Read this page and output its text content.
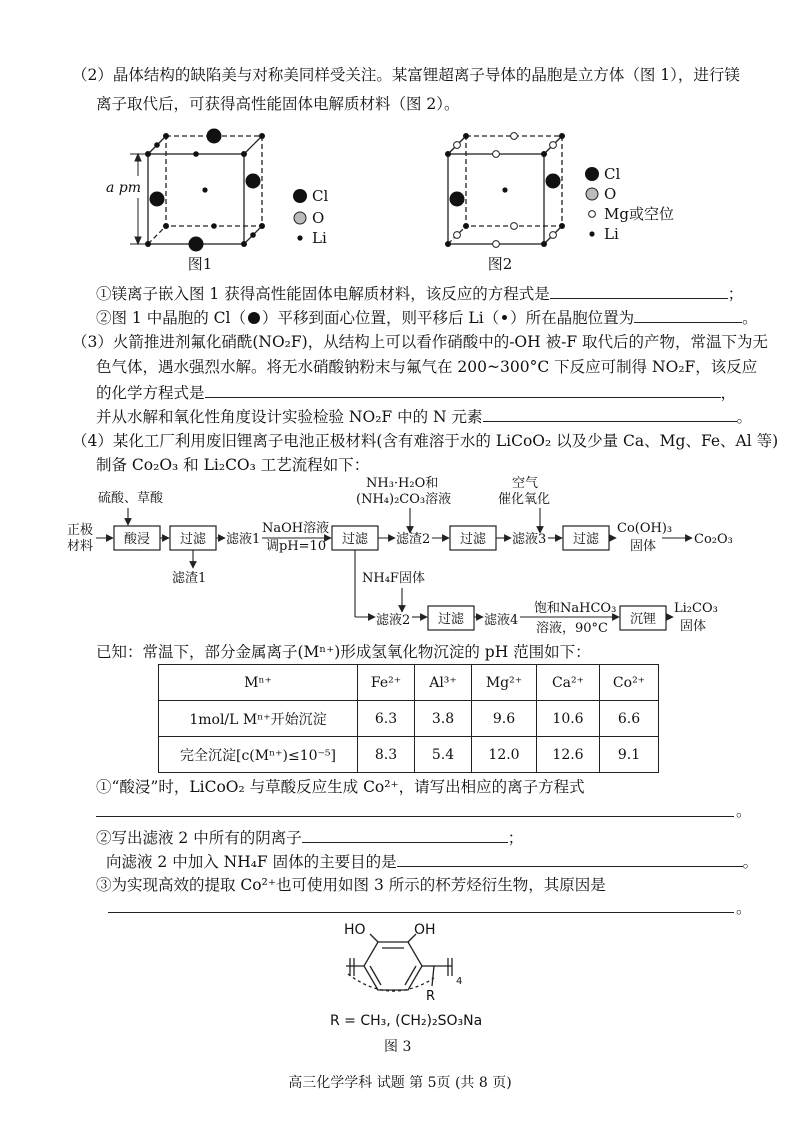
（2）晶体结构的缺陷美与对称美同样受关注。某富锂超离子导体的晶胞是立方体（图 1），进行镁
离子取代后，可获得高性能固体电解质材料（图 2）。
a pm	Cl
O
Li
图1
Cl
O
Mg或空位
Li
图2
①镁离子嵌入图 1 获得高性能固体电解质材料，该反应的方程式是	；
②图 1 中晶胞的 Cl（ ）平移到面心位置，则平移后 Li（ ）所在晶胞位置为	。
（3）火箭推进剂氟化硝酰(NO₂F)，从结构上可以看作硝酸中的-OH 被-F 取代后的产物，常温下为无
色气体，遇水强烈水解。将无水硝酸钠粉末与氟气在 200~300°C 下反应可制得 NO₂F，该反应
的化学方程式是	，
并从水解和氧化性角度设计实验检验 NO₂F 中的 N 元素	。
（4）某化工厂利用废旧锂离子电池正极材料(含有难溶于水的 LiCoO₂ 以及少量 Ca、Mg、Fe、Al 等)
制备 Co₂O₃ 和 Li₂CO₃ 工艺流程如下：
正极
材料
硫酸、草酸
NaOH溶液
调pH=10
NH₃·H₂O和
(NH₄)₂CO₃溶液
空气
催化氧化
滤渣1
滤液1	滤渣2	滤液3
Co(OH)₃
固体	Co₂O₃
NH₄F固体
滤液2	滤液4
饱和NaHCO₃
溶液，90°C
Li₂CO₃
固体
酸浸 过滤	过滤	过滤	过滤
过滤	沉锂
已知：常温下，部分金属离子(Mⁿ⁺)形成氢氧化物沉淀的 pH 范围如下：
Mⁿ⁺	Fe²⁺	Al³⁺	Mg²⁺	Ca²⁺	Co²⁺
1mol/L Mⁿ⁺开始沉淀	6.3	3.8	9.6	10.6	6.6
完全沉淀[c(Mⁿ⁺)≤10⁻⁵]	8.3	5.4	12.0	12.6	9.1
①“酸浸”时，LiCoO₂ 与草酸反应生成 Co²⁺，请写出相应的离子方程式
。
②写出滤液 2 中所有的阴离子	；
向滤液 2 中加入 NH₄F 固体的主要目的是	。
③为实现高效的提取 Co²⁺也可使用如图 3 所示的杯芳烃衍生物，其原因是
。
HO	OH
R
4
R = CH₃, (CH₂)₂SO₃Na
图 3
高三化学学科 试题 第 5页 (共 8 页)
